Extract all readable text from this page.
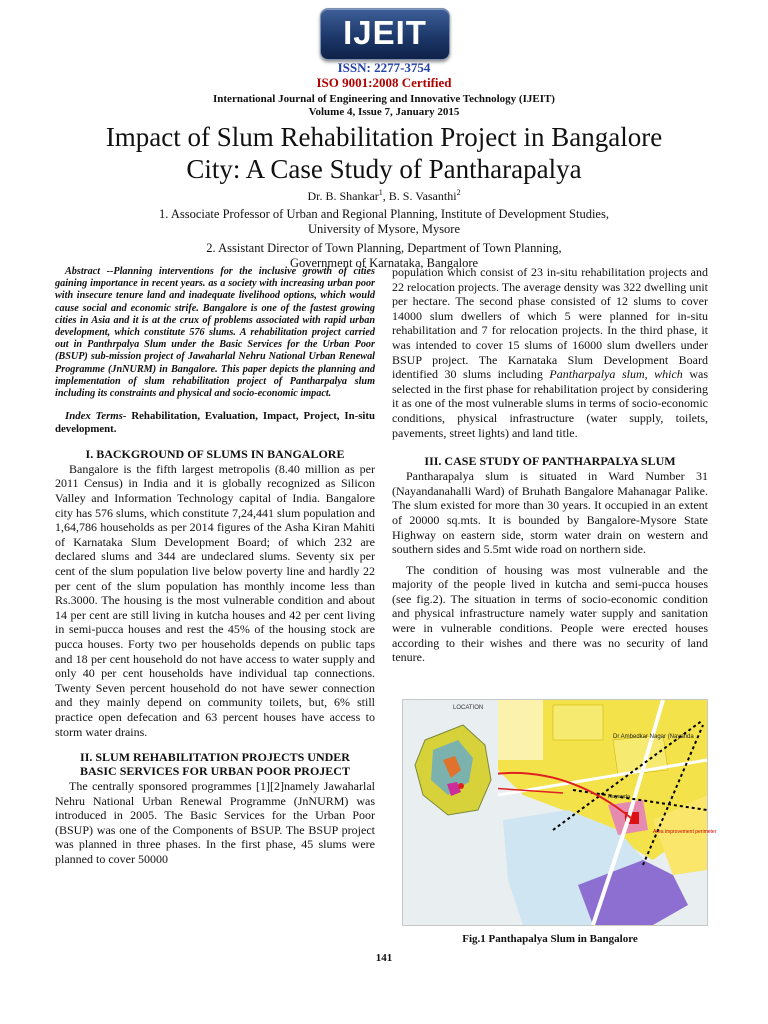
IJEIT
ISSN: 2277-3754
ISO 9001:2008 Certified
International Journal of Engineering and Innovative Technology (IJEIT)
Volume 4, Issue 7, January 2015
Impact of Slum Rehabilitation Project in Bangalore
City: A Case Study of Pantharapalya
Dr. B. Shankar$^1$, B. S. Vasanthi$^2$
1. Associate Professor of Urban and Regional Planning, Institute of Development Studies,
University of Mysore, Mysore
2. Assistant Director of Town Planning, Department of Town Planning,
Government of Karnataka, Bangalore

Abstract --Planning interventions for the inclusive growth of cities gaining importance in recent years. as a society with increasing urban poor with insecure tenure land and inadequate livelihood options, which would cause social and economic strife. Bangalore is one of the fastest growing cities in Asia and it is at the crux of problems associated with rapid urban development, which constitute 576 slums. A rehabilitation project carried out in Panthrpalya Slum under the Basic Services for the Urban Poor (BSUP) sub-mission project of Jawaharlal Nehru National Urban Renewal Programme (JnNURM) in Bangalore. This paper depicts the planning and implementation of slum rehabilitation project of Pantharpalya slum including its constraints and physical and socio-economic impact.

Index Terms- Rehabilitation, Evaluation, Impact, Project, In-situ development.

I. BACKGROUND OF SLUMS IN BANGALORE

Bangalore is the fifth largest metropolis (8.40 million as per 2011 Census) in India and it is globally recognized as Silicon Valley and Information Technology capital of India. Bangalore city has 576 slums, which constitute 7,24,441 slum population and 1,64,786 households as per 2014 figures of the Asha Kiran Mahiti of Karnataka Slum Development Board; of which 232 are declared slums and 344 are undeclared slums. Seventy six per cent of the slum population live below poverty line and hardly 22 per cent of the slum population has monthly income less than Rs.3000. The housing is the most vulnerable condition and about 14 per cent are still living in kutcha houses and 42 per cent living in semi-pucca houses and rest the 45% of the housing stock are pucca houses. Forty two per households depends on public taps and 18 per cent household do not have access to water supply and only 40 per cent households have individual tap connections. Twenty Seven percent household do not have sewer connection and they mainly depend on community toilets, but, 6% still practice open defecation and 63 percent houses have access to storm water drains.

II. SLUM REHABILITATION PROJECTS UNDER BASIC SERVICES FOR URBAN POOR PROJECT

The centrally sponsored programmes [1][2]namely Jawaharlal Nehru National Urban Renewal Programme (JnNURM) was introduced in 2005. The Basic Services for the Urban Poor (BSUP) was one of the Components of BSUP. The BSUP project was planned in three phases. In the first phase, 45 slums were planned to cover 50000

population which consist of 23 in-situ rehabilitation projects and 22 relocation projects. The average density was 322 dwelling unit per hectare. The second phase consisted of 12 slums to cover 14000 slum dwellers of which 5 were planned for in-situ rehabilitation and 7 for relocation projects. In the third phase, it was intended to cover 15 slums of 16000 slum dwellers under BSUP project. The Karnataka Slum Development Board identified 30 slums including Pantharpalya slum, which was selected in the first phase for rehabilitation project by considering it as one of the most vulnerable slums in terms of socio-economic conditions, physical infrastructure (water supply, toilets, pavements, street lights) and land title.

III. CASE STUDY OF PANTHARPALYA SLUM

Pantharapalya slum is situated in Ward Number 31 (Nayandanahalli Ward) of Bruhath Bangalore Mahanagar Palike. The slum existed for more than 30 years. It occupied in an extent of 20000 sq.mts. It is bounded by Bangalore-Mysore State Highway on eastern side, storm water drain on western and southern sides and 5.5mt wide road on northern side.

The condition of housing was most vulnerable and the majority of the people lived in kutcha and semi-pucca houses (see fig.2). The situation in terms of socio-economic condition and physical infrastructure namely water supply and sanitation were in vulnerable conditions. People were erected houses according to their wishes and there was no security of land tenure.

LOCATION
Dr Ambedkar Nagar (Nayanda
Nayanda
Area improvement perimeter
Fig.1 Panthapalya Slum in Bangalore
141
